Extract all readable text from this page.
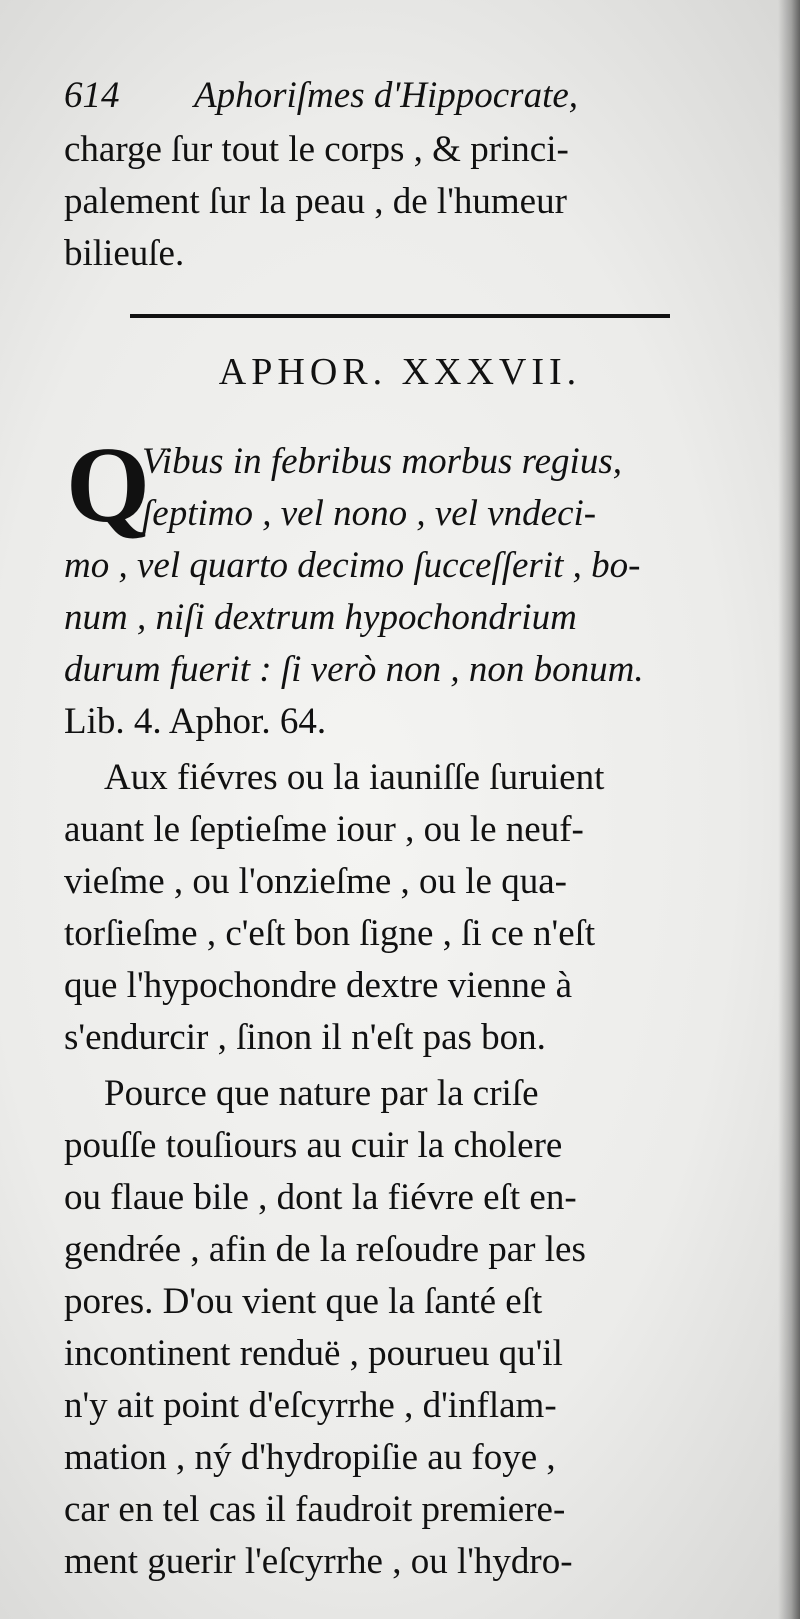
614	Aphoriſmes d'Hippocrate,
charge ſur tout le corps , & princi-
palement ſur la peau , de l'humeur
bilieuſe.
APHOR. XXXVII.
Q
Vibus in febribus morbus regius,
ſeptimo , vel nono , vel vndeci-
mo , vel quarto decimo ſucceſſerit , bo-
num , niſi dextrum hypochondrium
durum fuerit : ſi verò non , non bonum.
Lib. 4. Aphor. 64.
Aux fiévres ou la iauniſſe ſuruient
auant le ſeptieſme iour , ou le neuf-
vieſme , ou l'onzieſme , ou le qua-
torſieſme , c'eſt bon ſigne , ſi ce n'eſt
que l'hypochondre dextre vienne à
s'endurcir , ſinon il n'eſt pas bon.
Pource que nature par la criſe
pouſſe touſiours au cuir la cholere
ou flaue bile , dont la fiévre eſt en-
gendrée , afin de la reſoudre par les
pores. D'ou vient que la ſanté eſt
incontinent renduë , pourueu qu'il
n'y ait point d'eſcyrrhe , d'inflam-
mation , ný d'hydropiſie au foye ,
car en tel cas il faudroit premiere-
ment guerir l'eſcyrrhe , ou l'hydro-
